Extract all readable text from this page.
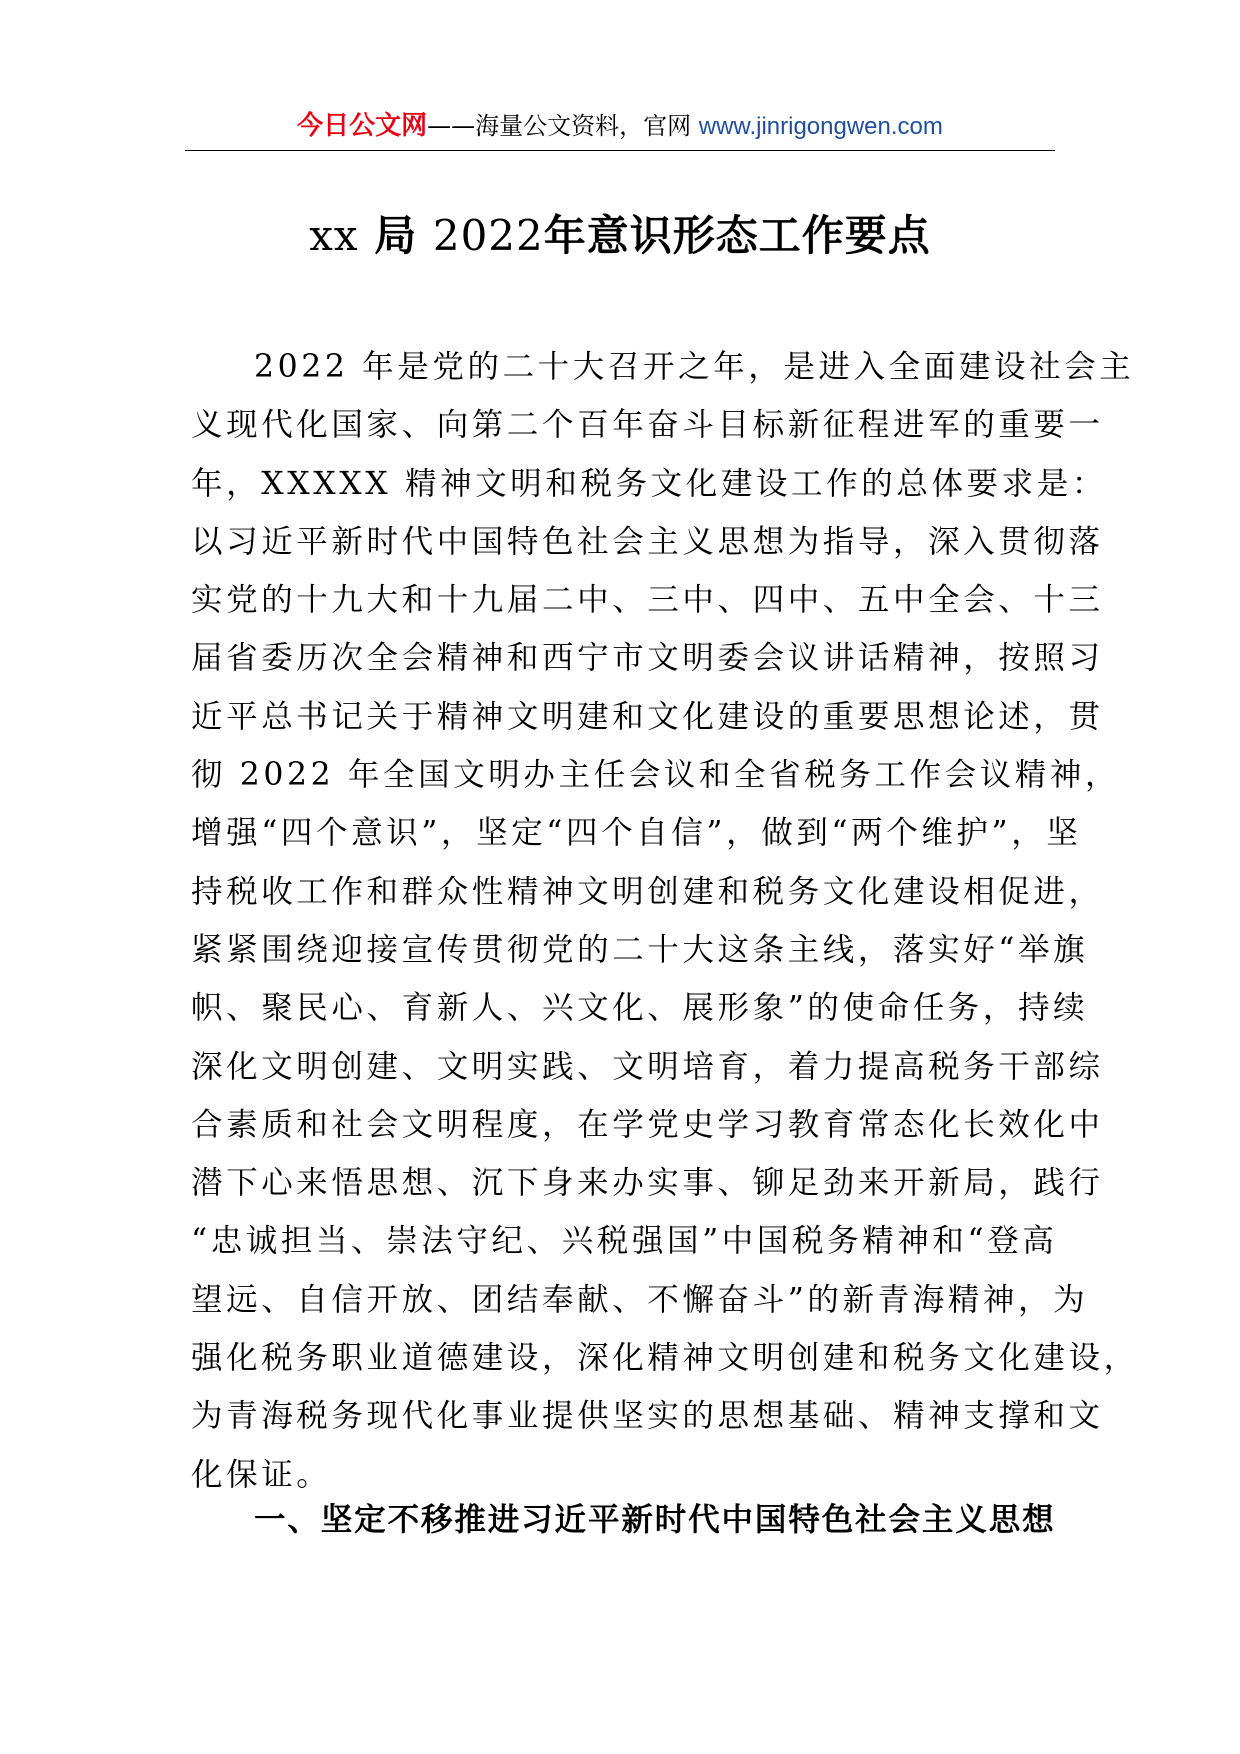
今日公文网——海量公文资料，官网 www.jinrigongwen.com
xx 局 2022年意识形态工作要点
2022 年是党的二十大召开之年，是进入全面建设社会主
义现代化国家、向第二个百年奋斗目标新征程进军的重要一
年，XXXXX 精神文明和税务文化建设工作的总体要求是：
以习近平新时代中国特色社会主义思想为指导，深入贯彻落
实党的十九大和十九届二中、三中、四中、五中全会、十三
届省委历次全会精神和西宁市文明委会议讲话精神，按照习
近平总书记关于精神文明建和文化建设的重要思想论述，贯
彻 2022 年全国文明办主任会议和全省税务工作会议精神，
增强“四个意识”，坚定“四个自信”，做到“两个维护”，坚
持税收工作和群众性精神文明创建和税务文化建设相促进，
紧紧围绕迎接宣传贯彻党的二十大这条主线，落实好“举旗
帜、聚民心、育新人、兴文化、展形象”的使命任务，持续
深化文明创建、文明实践、文明培育，着力提高税务干部综
合素质和社会文明程度，在学党史学习教育常态化长效化中
潜下心来悟思想、沉下身来办实事、铆足劲来开新局，践行
“忠诚担当、崇法守纪、兴税强国”中国税务精神和“登高
望远、自信开放、团结奉献、不懈奋斗”的新青海精神，为
强化税务职业道德建设，深化精神文明创建和税务文化建设，
为青海税务现代化事业提供坚实的思想基础、精神支撑和文
化保证。
一、坚定不移推进习近平新时代中国特色社会主义思想
